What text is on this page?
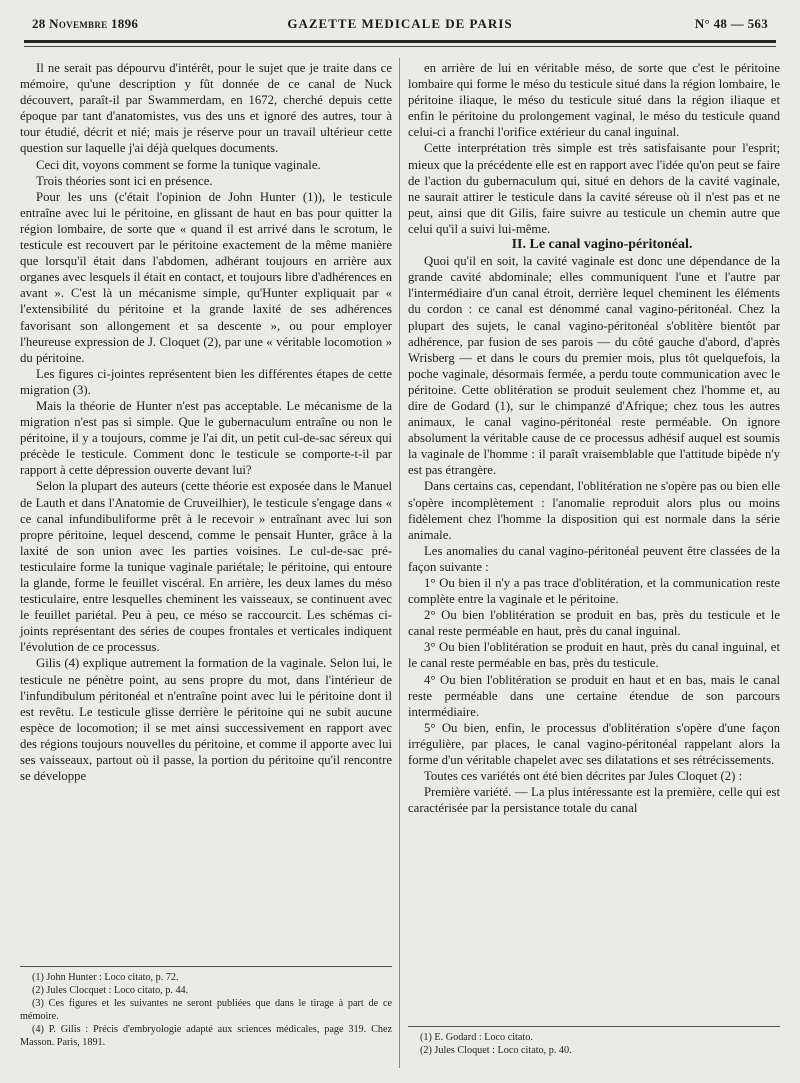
28 Novembre 1896	GAZETTE MEDICALE DE PARIS	N° 48 — 563

Il ne serait pas dépourvu d'intérêt, pour le sujet que je traite dans ce mémoire, qu'une description y fût donnée de ce canal de Nuck découvert, paraît-il par Swammerdam, en 1672, cherché depuis cette époque par tant d'anatomistes, vus des uns et ignoré des autres, tour à tour étudié, décrit et nié; mais je réserve pour un travail ultérieur cette question sur laquelle j'ai déjà quelques documents.

Ceci dit, voyons comment se forme la tunique vaginale.

Trois théories sont ici en présence.

Pour les uns (c'était l'opinion de John Hunter (1)), le testicule entraîne avec lui le péritoine, en glissant de haut en bas pour quitter la région lombaire, de sorte que « quand il est arrivé dans le scrotum, le testicule est recouvert par le péritoine exactement de la même manière que lorsqu'il était dans l'abdomen, adhérant toujours en arrière aux organes avec lesquels il était en contact, et toujours libre d'adhérences en avant ». C'est là un mécanisme simple, qu'Hunter expliquait par « l'extensibilité du péritoine et la grande laxité de ses adhérences favorisant son allongement et sa descente », ou pour employer l'heureuse expression de J. Cloquet (2), par une « véritable locomotion » du péritoine.

Les figures ci-jointes représentent bien les différentes étapes de cette migration (3).

Mais la théorie de Hunter n'est pas acceptable. Le mécanisme de la migration n'est pas si simple. Que le gubernaculum entraîne ou non le péritoine, il y a toujours, comme je l'ai dit, un petit cul-de-sac séreux qui précède le testicule. Comment donc le testicule se comporte-t-il par rapport à cette dépression ouverte devant lui?

Selon la plupart des auteurs (cette théorie est exposée dans le Manuel de Lauth et dans l'Anatomie de Cruveilhier), le testicule s'engage dans « ce canal infundibuliforme prêt à le recevoir » entraînant avec lui son propre péritoine, lequel descend, comme le pensait Hunter, grâce à la laxité de son union avec les parties voisines. Le cul-de-sac pré-testiculaire forme la tunique vaginale pariétale; le péritoine, qui entoure la glande, forme le feuillet viscéral. En arrière, les deux lames du méso testiculaire, entre lesquelles cheminent les vaisseaux, se continuent avec le feuillet pariétal. Peu à peu, ce méso se raccourcit. Les schémas ci-joints représentant des séries de coupes frontales et verticales indiquent l'évolution de ce processus.

Gilis (4) explique autrement la formation de la vaginale. Selon lui, le testicule ne pénètre point, au sens propre du mot, dans l'intérieur de l'infundibulum péritonéal et n'entraîne point avec lui le péritoine dont il est revêtu. Le testicule glisse derrière le péritoine qui ne subit aucune espèce de locomotion; il se met ainsi successivement en rapport avec des régions toujours nouvelles du péritoine, et comme il apporte avec lui ses vaisseaux, partout où il passe, la portion du péritoine qu'il rencontre se développe

(1) John Hunter : Loco citato, p. 72.
(2) Jules Clocquet : Loco citato, p. 44.
(3) Ces figures et les suivantes ne seront publiées que dans le tirage à part de ce mémoire.
(4) P. Gilis : Précis d'embryologie adapté aux sciences médicales, page 319. Chez Masson. Paris, 1891.

en arrière de lui en véritable méso, de sorte que c'est le péritoine lombaire qui forme le méso du testicule situé dans la région lombaire, le péritoine iliaque, le méso du testicule situé dans la région iliaque et enfin le péritoine du prolongement vaginal, le méso du testicule quand celui-ci a franchi l'orifice extérieur du canal inguinal.

Cette interprétation très simple est très satisfaisante pour l'esprit; mieux que la précédente elle est en rapport avec l'idée qu'on peut se faire de l'action du gubernaculum qui, situé en dehors de la cavité vaginale, ne saurait attirer le testicule dans la cavité séreuse où il n'est pas et ne peut, ainsi que dit Gilis, faire suivre au testicule un chemin autre que celui qu'il a suivi lui-même.

II. Le canal vagino-péritonéal.

Quoi qu'il en soit, la cavité vaginale est donc une dépendance de la grande cavité abdominale; elles communiquent l'une et l'autre par l'intermédiaire d'un canal étroit, derrière lequel cheminent les éléments du cordon : ce canal est dénommé canal vagino-péritonéal. Chez la plupart des sujets, le canal vagino-péritonéal s'oblitère bientôt par adhérence, par fusion de ses parois — du côté gauche d'abord, d'après Wrisberg — et dans le cours du premier mois, plus tôt quelquefois, la poche vaginale, désormais fermée, a perdu toute communication avec le péritoine. Cette oblitération se produit seulement chez l'homme et, au dire de Godard (1), sur le chimpanzé d'Afrique; chez tous les autres animaux, le canal vagino-péritonéal reste perméable. On ignore absolument la véritable cause de ce processus adhésif auquel est soumis la vaginale de l'homme : il paraît vraisemblable que l'attitude bipède n'y est pas étrangère.

Dans certains cas, cependant, l'oblitération ne s'opère pas ou bien elle s'opère incomplètement : l'anomalie reproduit alors plus ou moins fidèlement chez l'homme la disposition qui est normale dans la série animale.

Les anomalies du canal vagino-péritonéal peuvent être classées de la façon suivante :

1° Ou bien il n'y a pas trace d'oblitération, et la communication reste complète entre la vaginale et le péritoine.

2° Ou bien l'oblitération se produit en bas, près du testicule et le canal reste perméable en haut, près du canal inguinal.

3° Ou bien l'oblitération se produit en haut, près du canal inguinal, et le canal reste perméable en bas, près du testicule.

4° Ou bien l'oblitération se produit en haut et en bas, mais le canal reste perméable dans une certaine étendue de son parcours intermédiaire.

5° Ou bien, enfin, le processus d'oblitération s'opère d'une façon irrégulière, par places, le canal vagino-péritonéal rappelant alors la forme d'un véritable chapelet avec ses dilatations et ses rétrécissements.

Toutes ces variétés ont été bien décrites par Jules Cloquet (2) :

Première variété. — La plus intéressante est la première, celle qui est caractérisée par la persistance totale du canal

(1) E. Godard : Loco citato.
(2) Jules Cloquet : Loco citato, p. 40.
